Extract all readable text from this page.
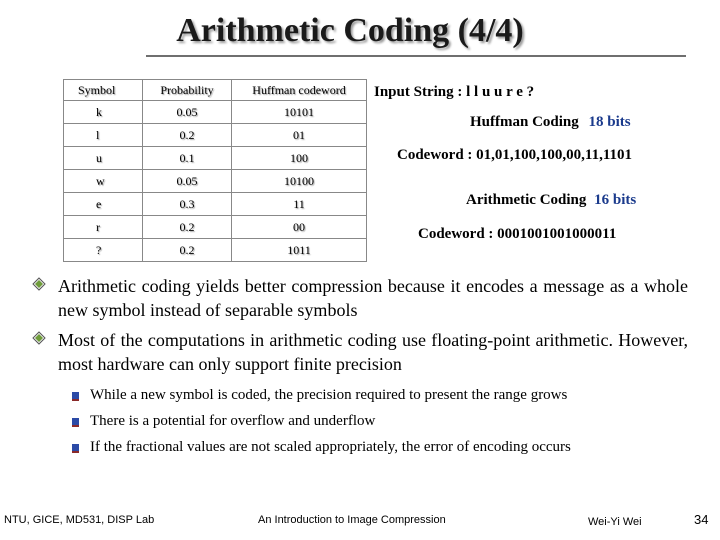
Arithmetic Coding (4/4)
Symbol	Probability	Huffman codeword
k	0.05	10101
l	0.2	01
u	0.1	100
w	0.05	10100
e	0.3	11
r	0.2	00
?	0.2	1011
Input String : l l u u r e ?
Huffman Coding 18 bits
Codeword : 01,01,100,100,00,11,1101
Arithmetic Coding 16 bits
Codeword : 0001001001000011
Arithmetic coding yields better compression because it encodes a message as a whole new symbol instead of separable symbols
Most of the computations in arithmetic coding use floating-point arithmetic. However, most hardware can only support finite precision
While a new symbol is coded, the precision required to present the range grows
There is a potential for overflow and underflow
If the fractional values are not scaled appropriately, the error of encoding occurs
NTU, GICE, MD531, DISP Lab	An Introduction to Image Compression	Wei-Yi Wei	34
